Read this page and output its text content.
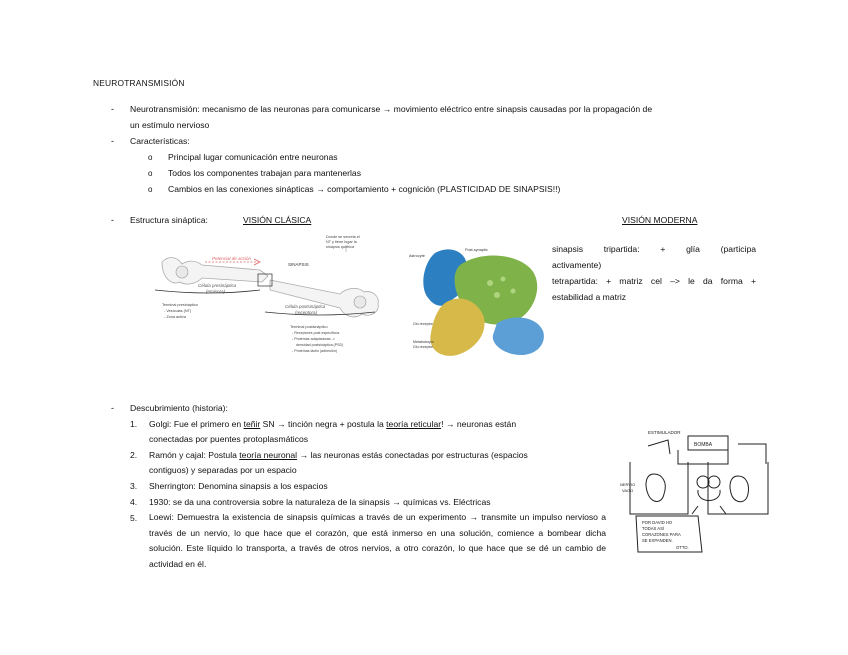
NEUROTRANSMISIÓN
- Neurotransmisión: mecanismo de las neuronas para comunicarse → movimiento eléctrico entre sinapsis causadas por la propagación de
un estímulo nervioso
- Características:
o Principal lugar comunicación entre neuronas
o Todos los componentes trabajan para mantenerlas
o Cambios en las conexiones sinápticas → comportamiento + cognición (PLASTICIDAD DE SINAPSIS!!)
- Estructura sináptica:	VISIÓN CLÁSICA	VISIÓN MODERNA
sinapsis tripartida: + glía (participa
activamente)
tetrapartida: + matriz cel –> le da forma +
estabilidad a matriz
Potencial de acción
Célula presináptica
(emisora)
SINAPSIS
Donde se secreta el
NT y tiene lugar la
sinapsis química
Célula postsináptica
(receptora)
Terminal presináptico
- Vesículas (NT)
- Zona activa
Terminal postsináptico
- Receptores post específicos
- Proteínas adaptadoras ->
densidad postsináptica (PSD)
- Proteínas láctin (adhesión)
Astrocyte
Post-synaptic
Glu receptor
Metabotropic
Glu receptor
- Descubrimiento (historia):
1. Golgi: Fue el primero en teñir SN → tinción negra + postula la teoría reticular! → neuronas están
conectadas por puentes protoplasmáticos
2. Ramón y cajal: Postula teoría neuronal → las neuronas estás conectadas por estructuras (espacios
contiguos) y separadas por un espacio
3. Sherrington: Denomina sinapsis a los espacios
4. 1930: se da una controversia sobre la naturaleza de la sinapsis → químicas vs. Eléctricas
5. Loewi: Demuestra la existencia de sinapsis químicas a través de un experimento → transmite un impulso nervioso a través de un nervio, lo que hace que el corazón, que está inmerso en una solución, comience a bombear dicha solución. Este líquido lo transporta, a través de otros nervios, a otro corazón, lo que hace que se dé un cambio de actividad en él.
ESTIMULADOR
BOMBA
NERVIO
VAGO
POR DAVID HO
TODAS ASÍ
CORAZONES PARA
SE EXPANDEN.
OTTO.
